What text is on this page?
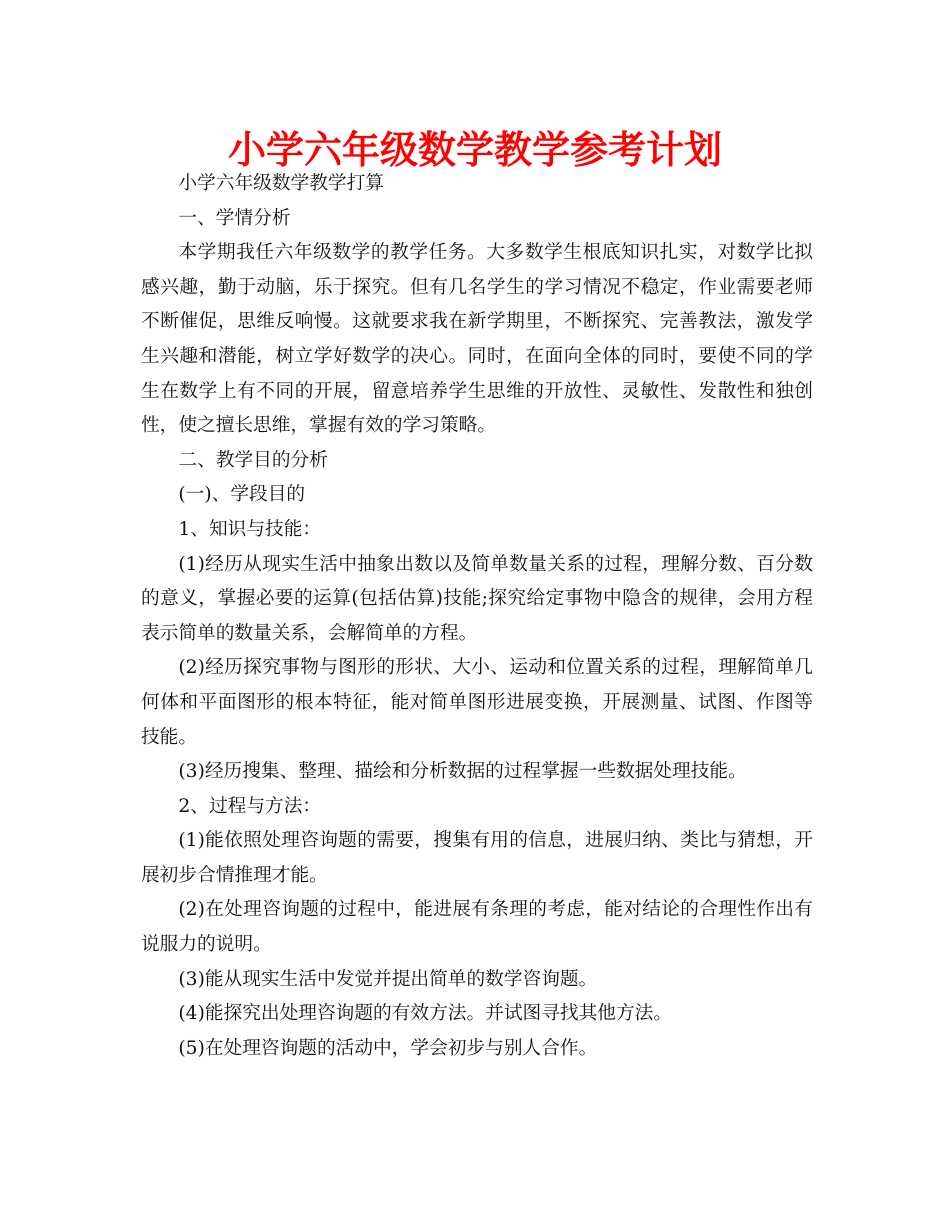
小学六年级数学教学参考计划

小学六年级数学教学打算

一、学情分析

本学期我任六年级数学的教学任务。大多数学生根底知识扎实，对数学比拟感兴趣，勤于动脑，乐于探究。但有几名学生的学习情况不稳定，作业需要老师不断催促，思维反响慢。这就要求我在新学期里，不断探究、完善教法，激发学生兴趣和潜能，树立学好数学的决心。同时，在面向全体的同时，要使不同的学生在数学上有不同的开展，留意培养学生思维的开放性、灵敏性、发散性和独创性，使之擅长思维，掌握有效的学习策略。

二、教学目的分析

(一)、学段目的

1、知识与技能：

(1)经历从现实生活中抽象出数以及简单数量关系的过程，理解分数、百分数的意义，掌握必要的运算(包括估算)技能;探究给定事物中隐含的规律，会用方程表示简单的数量关系，会解简单的方程。

(2)经历探究事物与图形的形状、大小、运动和位置关系的过程，理解简单几何体和平面图形的根本特征，能对简单图形进展变换，开展测量、试图、作图等技能。

(3)经历搜集、整理、描绘和分析数据的过程掌握一些数据处理技能。

2、过程与方法：

(1)能依照处理咨询题的需要，搜集有用的信息，进展归纳、类比与猜想，开展初步合情推理才能。

(2)在处理咨询题的过程中，能进展有条理的考虑，能对结论的合理性作出有说服力的说明。

(3)能从现实生活中发觉并提出简单的数学咨询题。

(4)能探究出处理咨询题的有效方法。并试图寻找其他方法。

(5)在处理咨询题的活动中，学会初步与别人合作。
